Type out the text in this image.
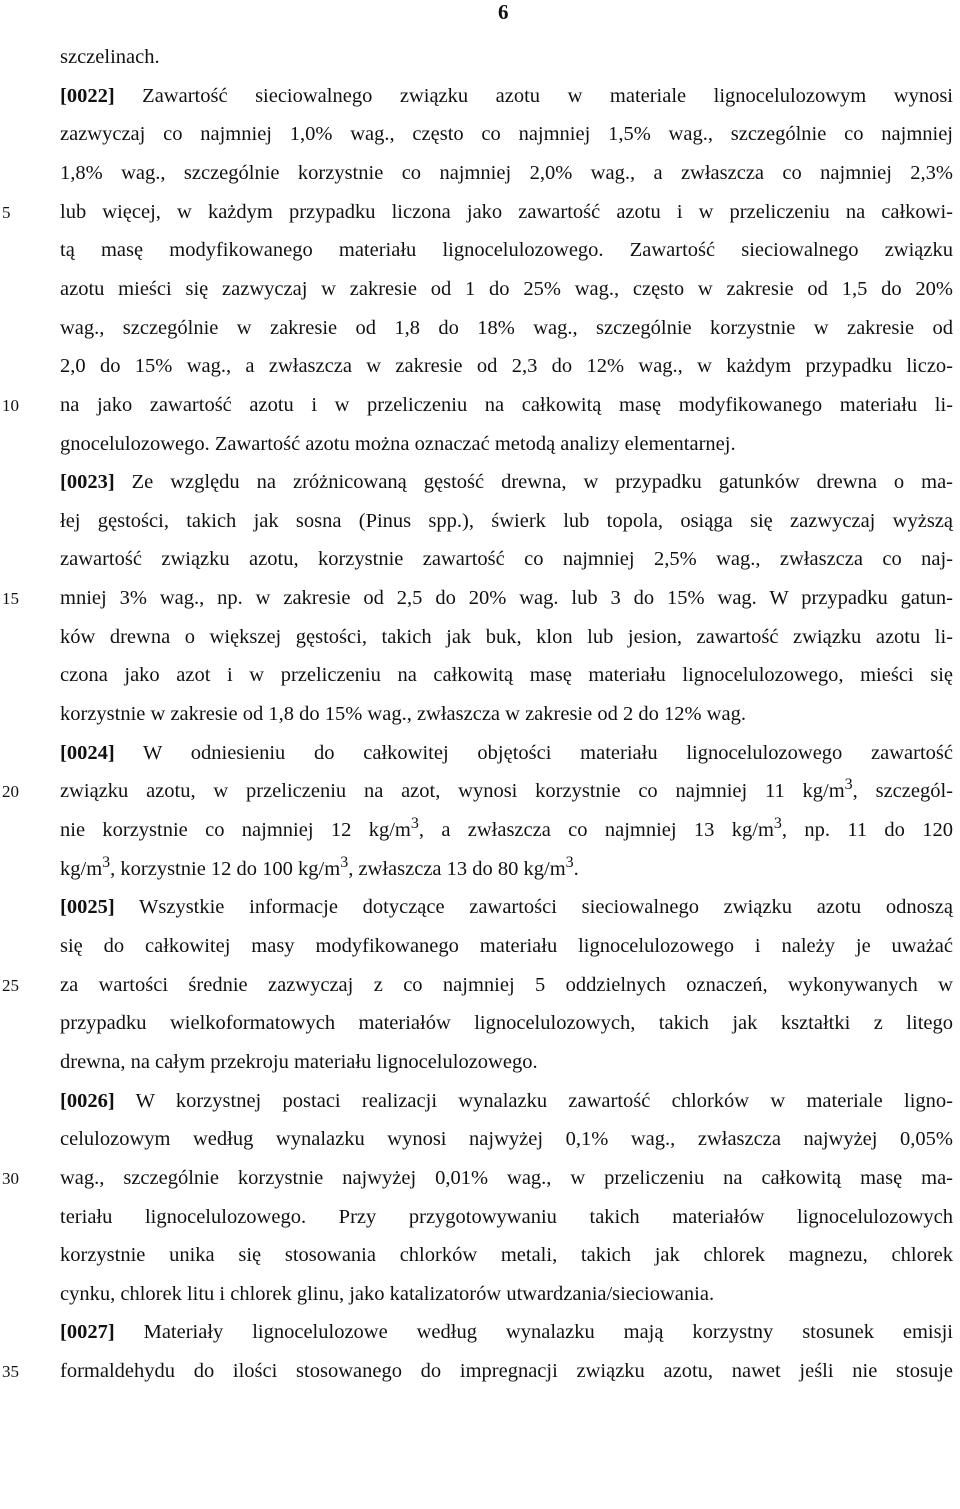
6
5
10
15
20
25
30
35
szczelinach.
[0022] Zawartość sieciowalnego związku azotu w materiale lignocelulozowym wynosi
zazwyczaj co najmniej 1,0% wag., często co najmniej 1,5% wag., szczególnie co najmniej
1,8% wag., szczególnie korzystnie co najmniej 2,0% wag., a zwłaszcza co najmniej 2,3%
lub więcej, w każdym przypadku liczona jako zawartość azotu i w przeliczeniu na całkowi-
tą masę modyfikowanego materiału lignocelulozowego. Zawartość sieciowalnego związku
azotu mieści się zazwyczaj w zakresie od 1 do 25% wag., często w zakresie od 1,5 do 20%
wag., szczególnie w zakresie od 1,8 do 18% wag., szczególnie korzystnie w zakresie od
2,0 do 15% wag., a zwłaszcza w zakresie od 2,3 do 12% wag., w każdym przypadku liczo-
na jako zawartość azotu i w przeliczeniu na całkowitą masę modyfikowanego materiału li-
gnocelulozowego. Zawartość azotu można oznaczać metodą analizy elementarnej.
[0023] Ze względu na zróżnicowaną gęstość drewna, w przypadku gatunków drewna o ma-
łej gęstości, takich jak sosna (Pinus spp.), świerk lub topola, osiąga się zazwyczaj wyższą
zawartość związku azotu, korzystnie zawartość co najmniej 2,5% wag., zwłaszcza co naj-
mniej 3% wag., np. w zakresie od 2,5 do 20% wag. lub 3 do 15% wag. W przypadku gatun-
ków drewna o większej gęstości, takich jak buk, klon lub jesion, zawartość związku azotu li-
czona jako azot i w przeliczeniu na całkowitą masę materiału lignocelulozowego, mieści się
korzystnie w zakresie od 1,8 do 15% wag., zwłaszcza w zakresie od 2 do 12% wag.
[0024] W odniesieniu do całkowitej objętości materiału lignocelulozowego zawartość
związku azotu, w przeliczeniu na azot, wynosi korzystnie co najmniej 11 $kg/m^3$, szczegól-
nie korzystnie co najmniej 12 $kg/m^3$, a zwłaszcza co najmniej 13 $kg/m^3$, np. 11 do 120
$kg/m^3$, korzystnie 12 do 100 $kg/m^3$, zwłaszcza 13 do 80 $kg/m^3$.
[0025] Wszystkie informacje dotyczące zawartości sieciowalnego związku azotu odnoszą
się do całkowitej masy modyfikowanego materiału lignocelulozowego i należy je uważać
za wartości średnie zazwyczaj z co najmniej 5 oddzielnych oznaczeń, wykonywanych w
przypadku wielkoformatowych materiałów lignocelulozowych, takich jak kształtki z litego
drewna, na całym przekroju materiału lignocelulozowego.
[0026] W korzystnej postaci realizacji wynalazku zawartość chlorków w materiale ligno-
celulozowym według wynalazku wynosi najwyżej 0,1% wag., zwłaszcza najwyżej 0,05%
wag., szczególnie korzystnie najwyżej 0,01% wag., w przeliczeniu na całkowitą masę ma-
teriału lignocelulozowego. Przy przygotowywaniu takich materiałów lignocelulozowych
korzystnie unika się stosowania chlorków metali, takich jak chlorek magnezu, chlorek
cynku, chlorek litu i chlorek glinu, jako katalizatorów utwardzania/sieciowania.
[0027] Materiały lignocelulozowe według wynalazku mają korzystny stosunek emisji
formaldehydu do ilości stosowanego do impregnacji związku azotu, nawet jeśli nie stosuje
